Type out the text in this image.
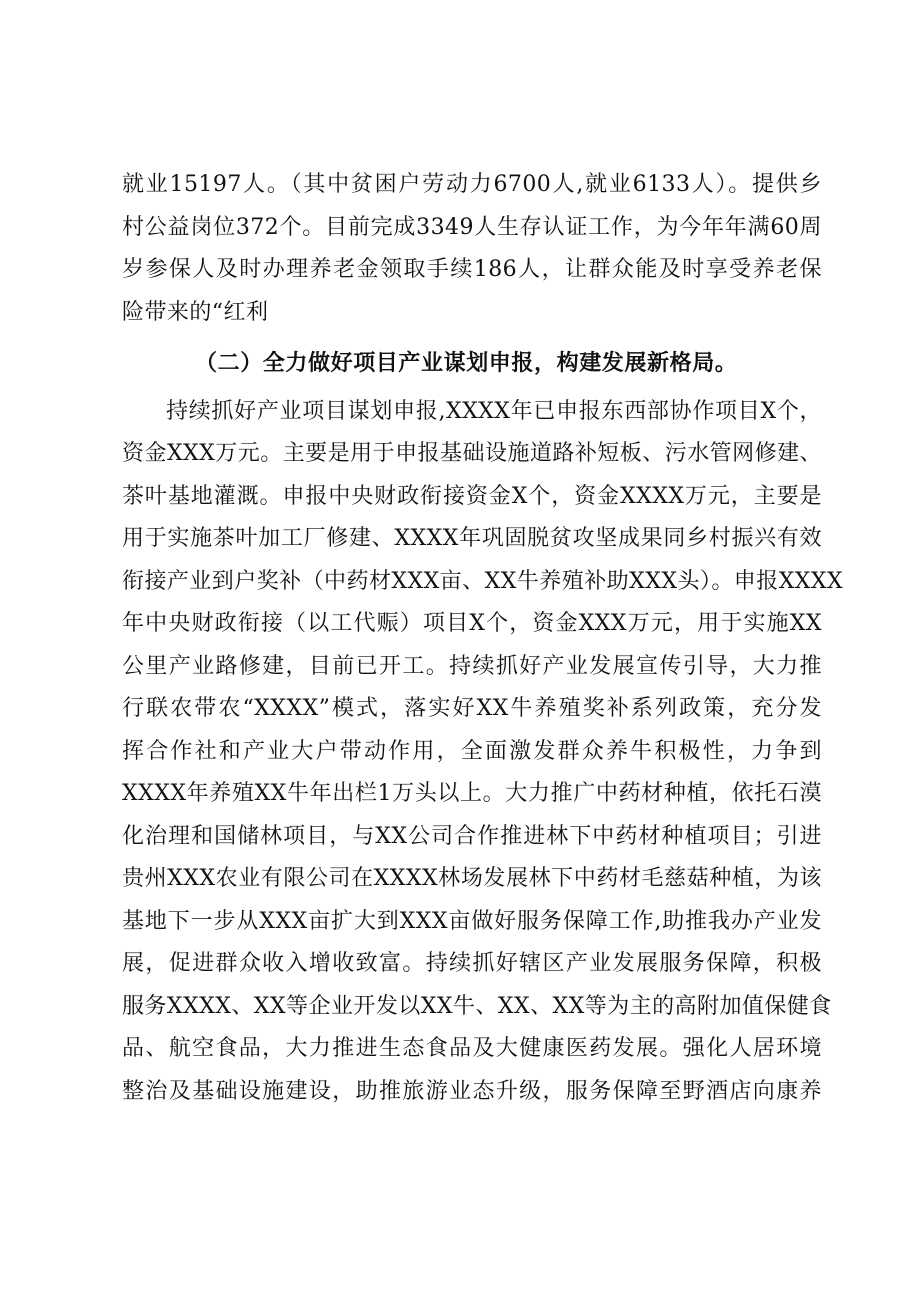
就业15197人。（其中贫困户劳动力6700人,就业6133人）。提供乡
村公益岗位372个。目前完成3349人生存认证工作，为今年年满60周
岁参保人及时办理养老金领取手续186人，让群众能及时享受养老保
险带来的“红利
（二）全力做好项目产业谋划申报，构建发展新格局。
持续抓好产业项目谋划申报,XXXX年已申报东西部协作项目X个，
资金XXX万元。主要是用于申报基础设施道路补短板、污水管网修建、
茶叶基地灌溉。申报中央财政衔接资金X个，资金XXXX万元，主要是
用于实施茶叶加工厂修建、XXXX年巩固脱贫攻坚成果同乡村振兴有效
衔接产业到户奖补（中药材XXX亩、XX牛养殖补助XXX头）。申报XXXX
年中央财政衔接（以工代赈）项目X个，资金XXX万元，用于实施XX
公里产业路修建，目前已开工。持续抓好产业发展宣传引导，大力推
行联农带农“XXXX”模式，落实好XX牛养殖奖补系列政策，充分发
挥合作社和产业大户带动作用，全面激发群众养牛积极性，力争到
XXXX年养殖XX牛年出栏1万头以上。大力推广中药材种植，依托石漠
化治理和国储林项目，与XX公司合作推进林下中药材种植项目；引进
贵州XXX农业有限公司在XXXX林场发展林下中药材毛慈菇种植，为该
基地下一步从XXX亩扩大到XXX亩做好服务保障工作,助推我办产业发
展，促进群众收入增收致富。持续抓好辖区产业发展服务保障，积极
服务XXXX、XX等企业开发以XX牛、XX、XX等为主的高附加值保健食
品、航空食品，大力推进生态食品及大健康医药发展。强化人居环境
整治及基础设施建设，助推旅游业态升级，服务保障至野酒店向康养
